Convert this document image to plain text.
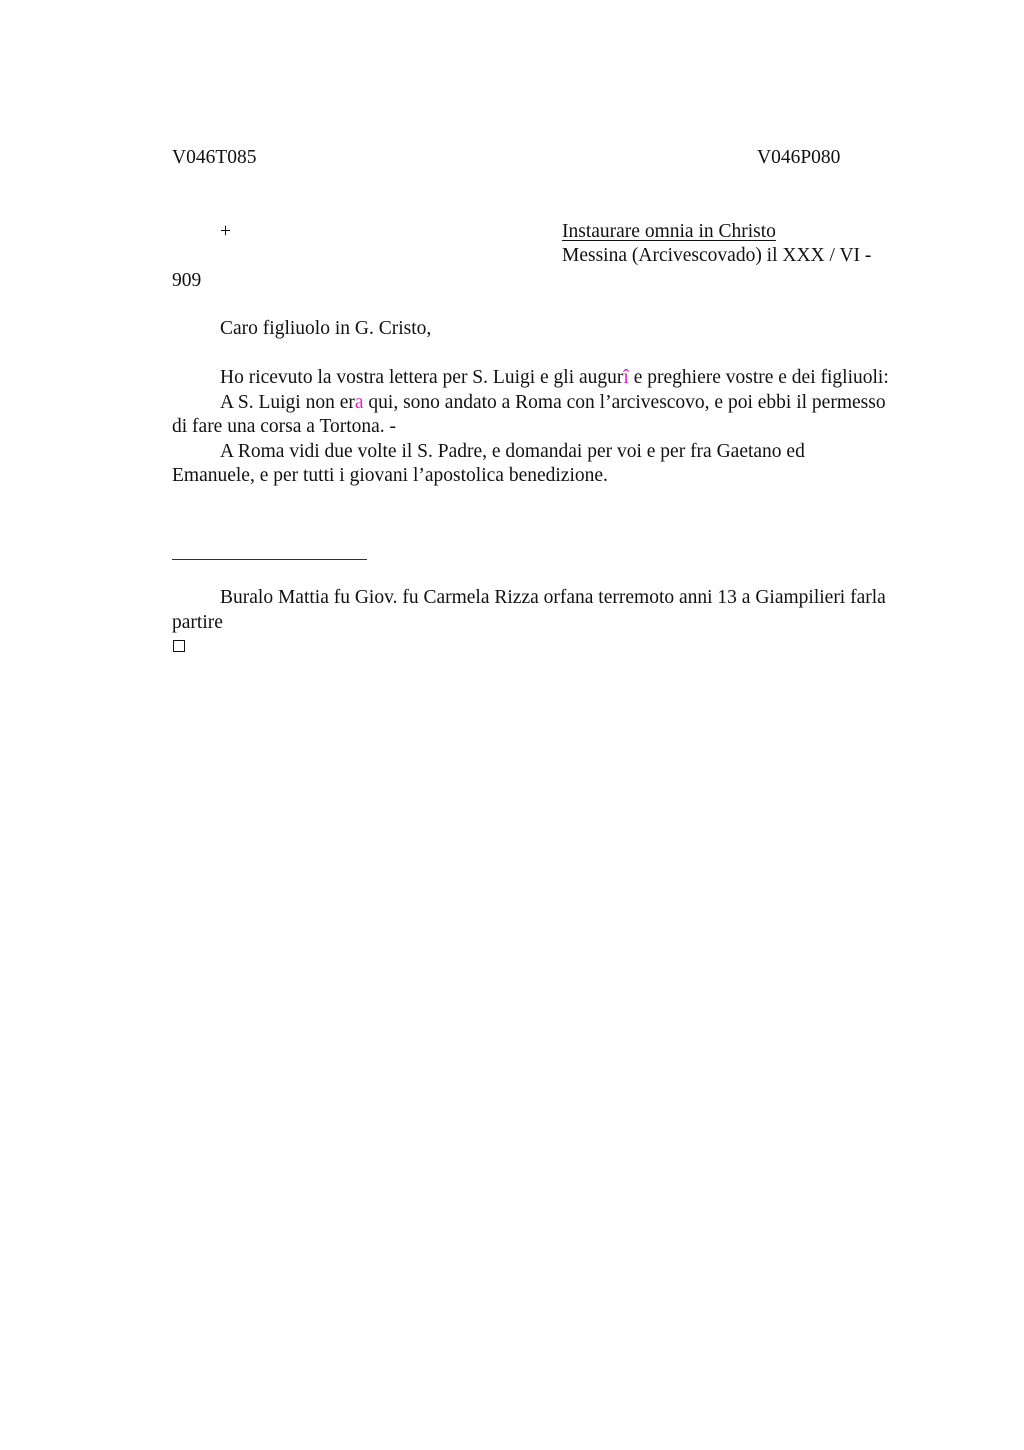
V046T085	V046P080
+	Instaurare omnia in Christo
Messina (Arcivescovado) il XXX / VI -
909
Caro figliuolo in G. Cristo,

Ho ricevuto la vostra lettera per S. Luigi e gli augurî e preghiere vostre e dei figliuoli:

A S. Luigi non era qui, sono andato a Roma con l’arcivescovo, e poi ebbi il permesso di fare una corsa a Tortona. -

A Roma vidi due volte il S. Padre, e domandai per voi e per fra Gaetano ed Emanuele, e per tutti i giovani l’apostolica benedizione.

Buralo Mattia fu Giov. fu Carmela Rizza orfana terremoto anni 13 a Giampilieri farla partire
